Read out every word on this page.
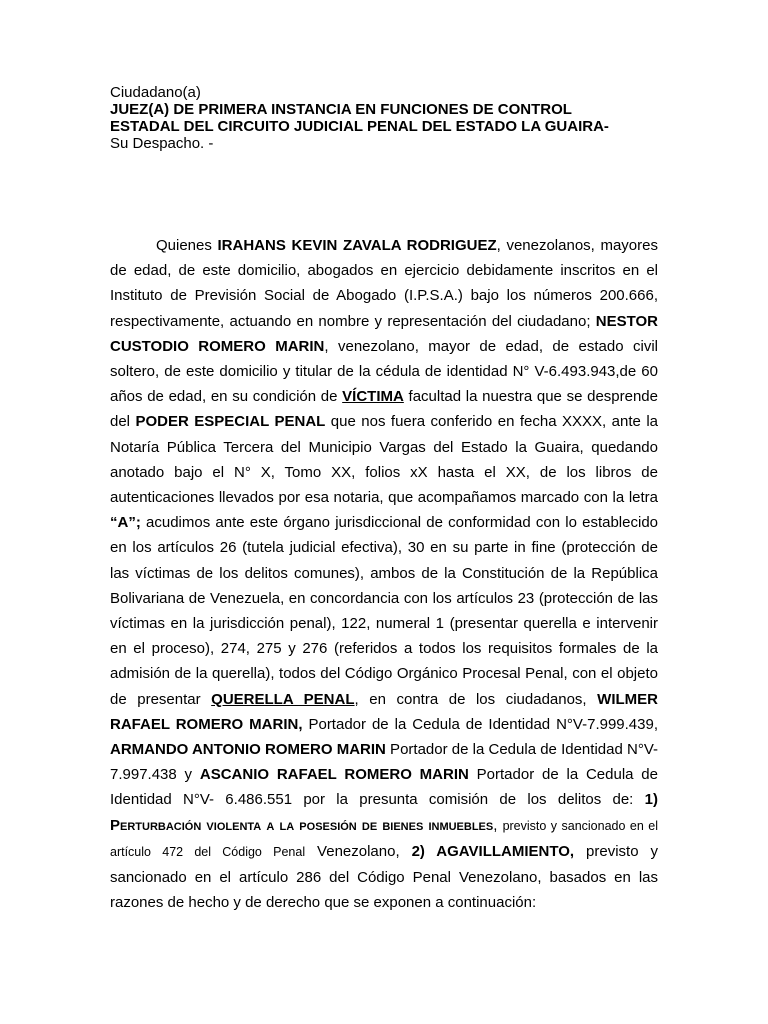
Ciudadano(a)
JUEZ(A) DE PRIMERA INSTANCIA EN FUNCIONES DE CONTROL
ESTADAL DEL CIRCUITO JUDICIAL PENAL DEL ESTADO LA GUAIRA-
Su Despacho. -

Quienes IRAHANS KEVIN ZAVALA RODRIGUEZ, venezolanos, mayores de edad, de este domicilio, abogados en ejercicio debidamente inscritos en el Instituto de Previsión Social de Abogado (I.P.S.A.) bajo los números 200.666, respectivamente, actuando en nombre y representación del ciudadano; NESTOR CUSTODIO ROMERO MARIN, venezolano, mayor de edad, de estado civil soltero, de este domicilio y titular de la cédula de identidad N° V-6.493.943,de 60 años de edad, en su condición de VÍCTIMA facultad la nuestra que se desprende del PODER ESPECIAL PENAL que nos fuera conferido en fecha XXXX, ante la Notaría Pública Tercera del Municipio Vargas del Estado la Guaira, quedando anotado bajo el N° X, Tomo XX, folios xX hasta el XX, de los libros de autenticaciones llevados por esa notaria, que acompañamos marcado con la letra “A”; acudimos ante este órgano jurisdiccional de conformidad con lo establecido en los artículos 26 (tutela judicial efectiva), 30 en su parte in fine (protección de las víctimas de los delitos comunes), ambos de la Constitución de la República Bolivariana de Venezuela, en concordancia con los artículos 23 (protección de las víctimas en la jurisdicción penal), 122, numeral 1 (presentar querella e intervenir en el proceso), 274, 275 y 276 (referidos a todos los requisitos formales de la admisión de la querella), todos del Código Orgánico Procesal Penal, con el objeto de presentar QUERELLA PENAL, en contra de los ciudadanos, WILMER RAFAEL ROMERO MARIN, Portador de la Cedula de Identidad N°V-7.999.439, ARMANDO ANTONIO ROMERO MARIN Portador de la Cedula de Identidad N°V- 7.997.438 y ASCANIO RAFAEL ROMERO MARIN Portador de la Cedula de Identidad N°V- 6.486.551 por la presunta comisión de los delitos de: 1) Perturbación violenta a la posesión de bienes inmuebles, previsto y sancionado en el artículo 472 del Código Penal Venezolano, 2) AGAVILLAMIENTO, previsto y sancionado en el artículo 286 del Código Penal Venezolano, basados en las razones de hecho y de derecho que se exponen a continuación:
